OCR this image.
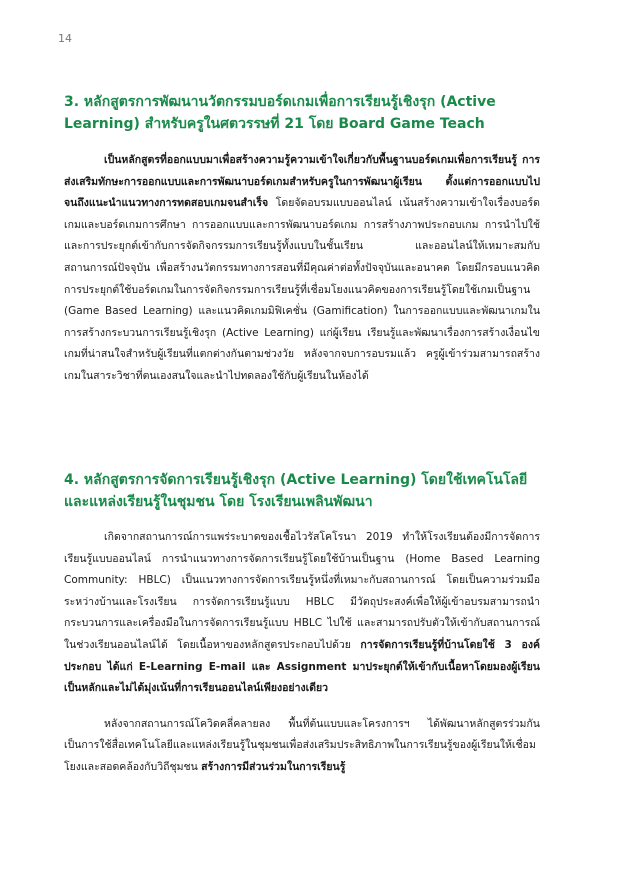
14
3. หลักสูตรการพัฒนานวัตกรรมบอร์ดเกมเพื่อการเรียนรู้เชิงรุก (Active Learning) สำหรับครูในศตวรรษที่ 21 โดย Board Game Teach

เป็นหลักสูตรที่ออกแบบมาเพื่อสร้างความรู้ความเข้าใจเกี่ยวกับพื้นฐานบอร์ดเกมเพื่อการเรียนรู้ การส่งเสริมทักษะการออกแบบและการพัฒนาบอร์ดเกมสำหรับครูในการพัฒนาผู้เรียน ตั้งแต่การออกแบบไปจนถึงแนะนำแนวทางการทดสอบเกมจนสำเร็จ โดยจัดอบรมแบบออนไลน์ เน้นสร้างความเข้าใจเรื่องบอร์ดเกมและบอร์ดเกมการศึกษา การออกแบบและการพัฒนาบอร์ดเกม การสร้างภาพประกอบเกม การนำไปใช้ และการประยุกต์เข้ากับการจัดกิจกรรมการเรียนรู้ทั้งแบบในชั้นเรียน และออนไลน์ให้เหมาะสมกับสถานการณ์ปัจจุบัน เพื่อสร้างนวัตกรรมทางการสอนที่มีคุณค่าต่อทั้งปัจจุบันและอนาคต โดยมีกรอบแนวคิดการประยุกต์ใช้บอร์ดเกมในการจัดกิจกรรมการเรียนรู้ที่เชื่อมโยงแนวคิดของการเรียนรู้โดยใช้เกมเป็นฐาน (Game Based Learning) และแนวคิดเกมมิฟิเคชั่น (Gamification) ในการออกแบบและพัฒนาเกมในการสร้างกระบวนการเรียนรู้เชิงรุก (Active Learning) แก่ผู้เรียน เรียนรู้และพัฒนาเรื่องการสร้างเงื่อนไขเกมที่น่าสนใจสำหรับผู้เรียนที่แตกต่างกันตามช่วงวัย หลังจากจบการอบรมแล้ว ครูผู้เข้าร่วมสามารถสร้างเกมในสาระวิชาที่ตนเองสนใจและนำไปทดลองใช้กับผู้เรียนในห้องได้

4. หลักสูตรการจัดการเรียนรู้เชิงรุก (Active Learning) โดยใช้เทคโนโลยีและแหล่งเรียนรู้ในชุมชน โดย โรงเรียนเพลินพัฒนา

เกิดจากสถานการณ์การแพร่ระบาดของเชื้อไวรัสโคโรนา 2019 ทำให้โรงเรียนต้องมีการจัดการเรียนรู้แบบออนไลน์ การนำแนวทางการจัดการเรียนรู้โดยใช้บ้านเป็นฐาน (Home Based Learning Community: HBLC) เป็นแนวทางการจัดการเรียนรู้หนึ่งที่เหมาะกับสถานการณ์ โดยเป็นความร่วมมือระหว่างบ้านและโรงเรียน การจัดการเรียนรู้แบบ HBLC มีวัตถุประสงค์เพื่อให้ผู้เข้าอบรมสามารถนำกระบวนการและเครื่องมือในการจัดการเรียนรู้แบบ HBLC ไปใช้ และสามารถปรับตัวให้เข้ากับสถานการณ์ในช่วงเรียนออนไลน์ได้ โดยเนื้อหาของหลักสูตรประกอบไปด้วย การจัดการเรียนรู้ที่บ้านโดยใช้ 3 องค์ประกอบ ได้แก่ E-Learning E-mail และ Assignment มาประยุกต์ให้เข้ากับเนื้อหาโดยมองผู้เรียนเป็นหลักและไม่ได้มุ่งเน้นที่การเรียนออนไลน์เพียงอย่างเดียว

หลังจากสถานการณ์โควิดคลี่คลายลง พื้นที่ต้นแบบและโครงการฯ ได้พัฒนาหลักสูตรร่วมกันเป็นการใช้สื่อเทคโนโลยีและแหล่งเรียนรู้ในชุมชนเพื่อส่งเสริมประสิทธิภาพในการเรียนรู้ของผู้เรียนให้เชื่อมโยงและสอดคล้องกับวิถีชุมชน สร้างการมีส่วนร่วมในการเรียนรู้
